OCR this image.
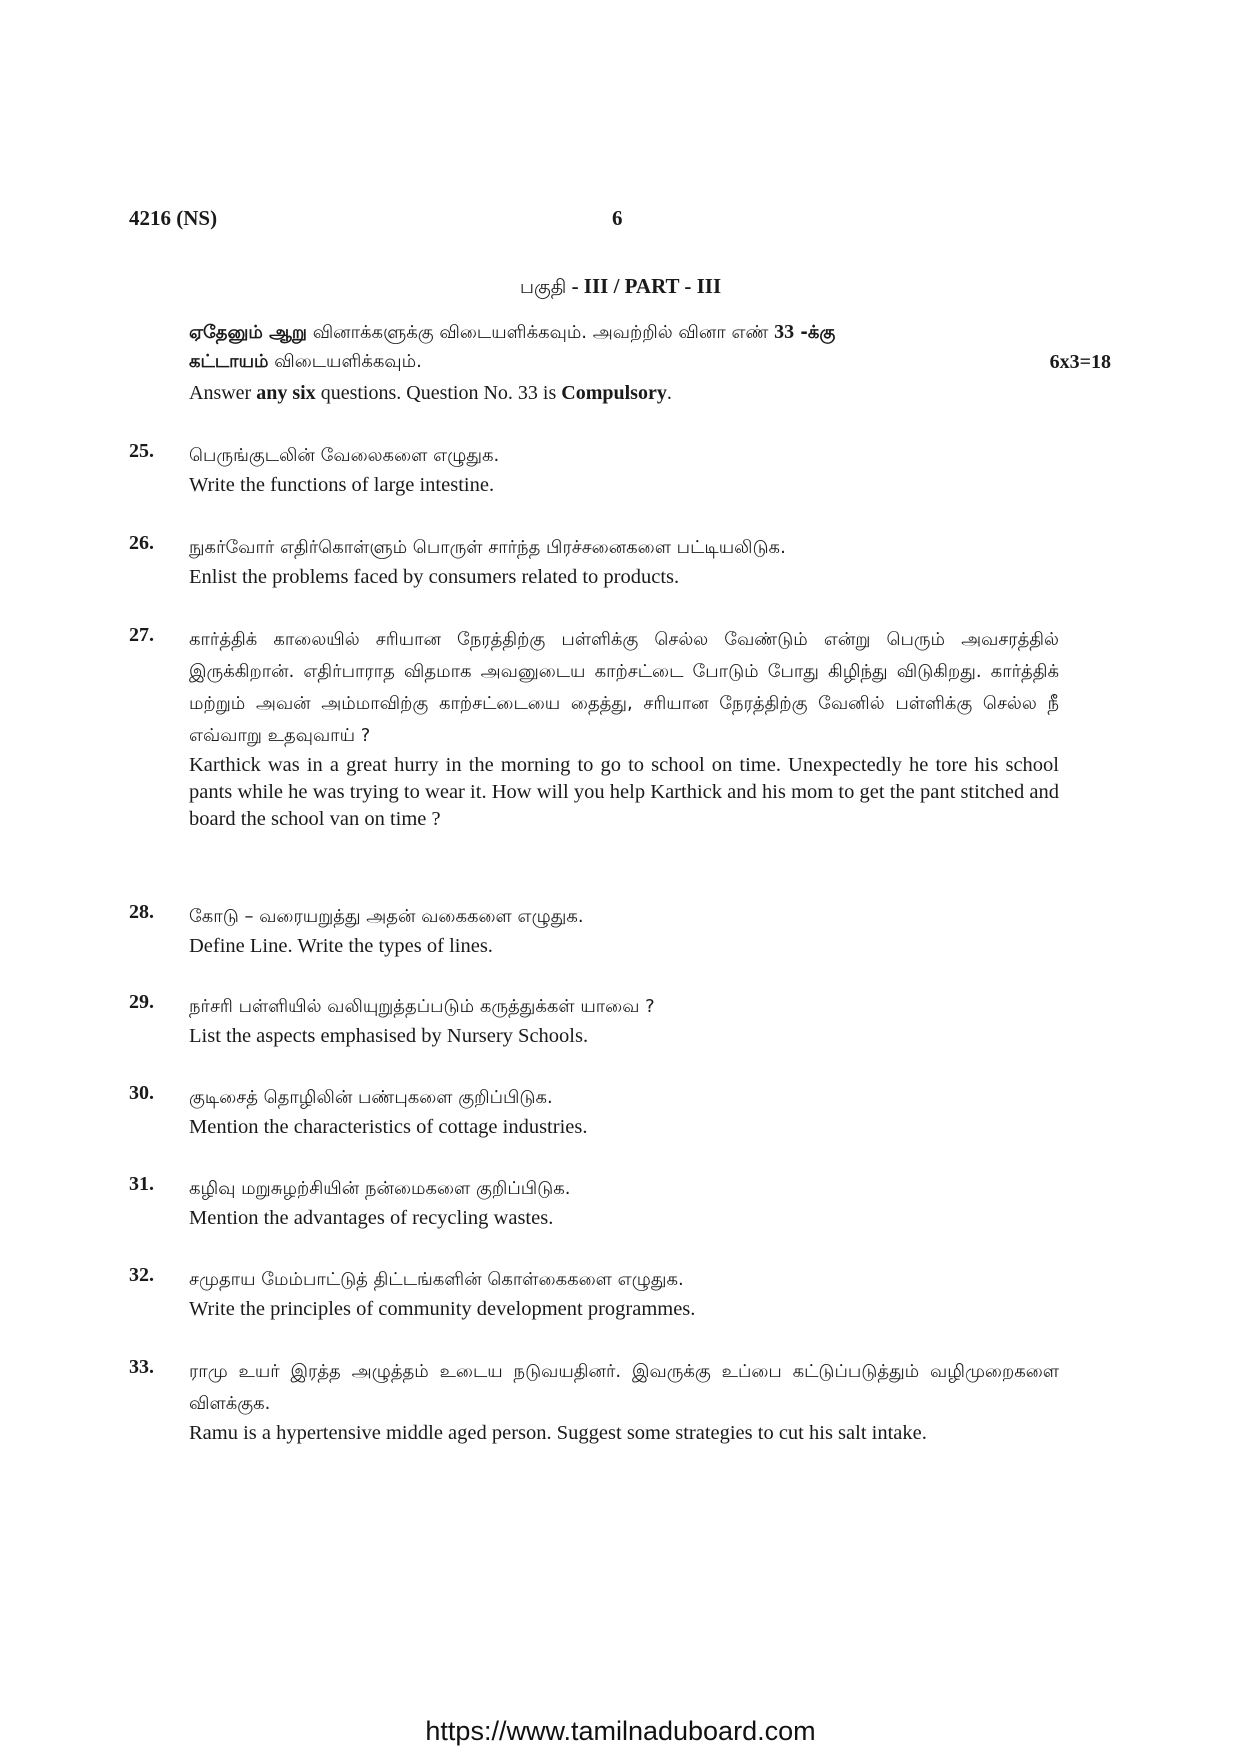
4216 (NS)	6
பகுதி - III / PART - III
ஏதேனும் ஆறு வினாக்களுக்கு விடையளிக்கவும். அவற்றில் வினா எண் 33 -க்கு
கட்டாயம் விடையளிக்கவும்.	6x3=18
Answer any six questions. Question No. 33 is Compulsory.
25. பெருங்குடலின் வேலைகளை எழுதுக.
Write the functions of large intestine.
26. நுகர்வோர் எதிர்கொள்ளும் பொருள் சார்ந்த பிரச்சனைகளை பட்டியலிடுக.
Enlist the problems faced by consumers related to products.
27. கார்த்திக் காலையில் சரியான நேரத்திற்கு பள்ளிக்கு செல்ல வேண்டும் என்று பெரும் அவசரத்தில் இருக்கிறான். எதிர்பாராத விதமாக அவனுடைய காற்சட்டை போடும் போது கிழிந்து விடுகிறது. கார்த்திக் மற்றும் அவன் அம்மாவிற்கு காற்சட்டையை தைத்து, சரியான நேரத்திற்கு வேனில் பள்ளிக்கு செல்ல நீ எவ்வாறு உதவுவாய் ?
Karthick was in a great hurry in the morning to go to school on time. Unexpectedly he tore his school pants while he was trying to wear it. How will you help Karthick and his mom to get the pant stitched and board the school van on time ?
28. கோடு – வரையறுத்து அதன் வகைகளை எழுதுக.
Define Line. Write the types of lines.
29. நர்சரி பள்ளியில் வலியுறுத்தப்படும் கருத்துக்கள் யாவை ?
List the aspects emphasised by Nursery Schools.
30. குடிசைத் தொழிலின் பண்புகளை குறிப்பிடுக.
Mention the characteristics of cottage industries.
31. கழிவு மறுசுழற்சியின் நன்மைகளை குறிப்பிடுக.
Mention the advantages of recycling wastes.
32. சமுதாய மேம்பாட்டுத் திட்டங்களின் கொள்கைகளை எழுதுக.
Write the principles of community development programmes.
33. ராமு உயர் இரத்த அழுத்தம் உடைய நடுவயதினர். இவருக்கு உப்பை கட்டுப்படுத்தும் வழிமுறைகளை விளக்குக.
Ramu is a hypertensive middle aged person. Suggest some strategies to cut his salt intake.
https://www.tamilnaduboard.com
